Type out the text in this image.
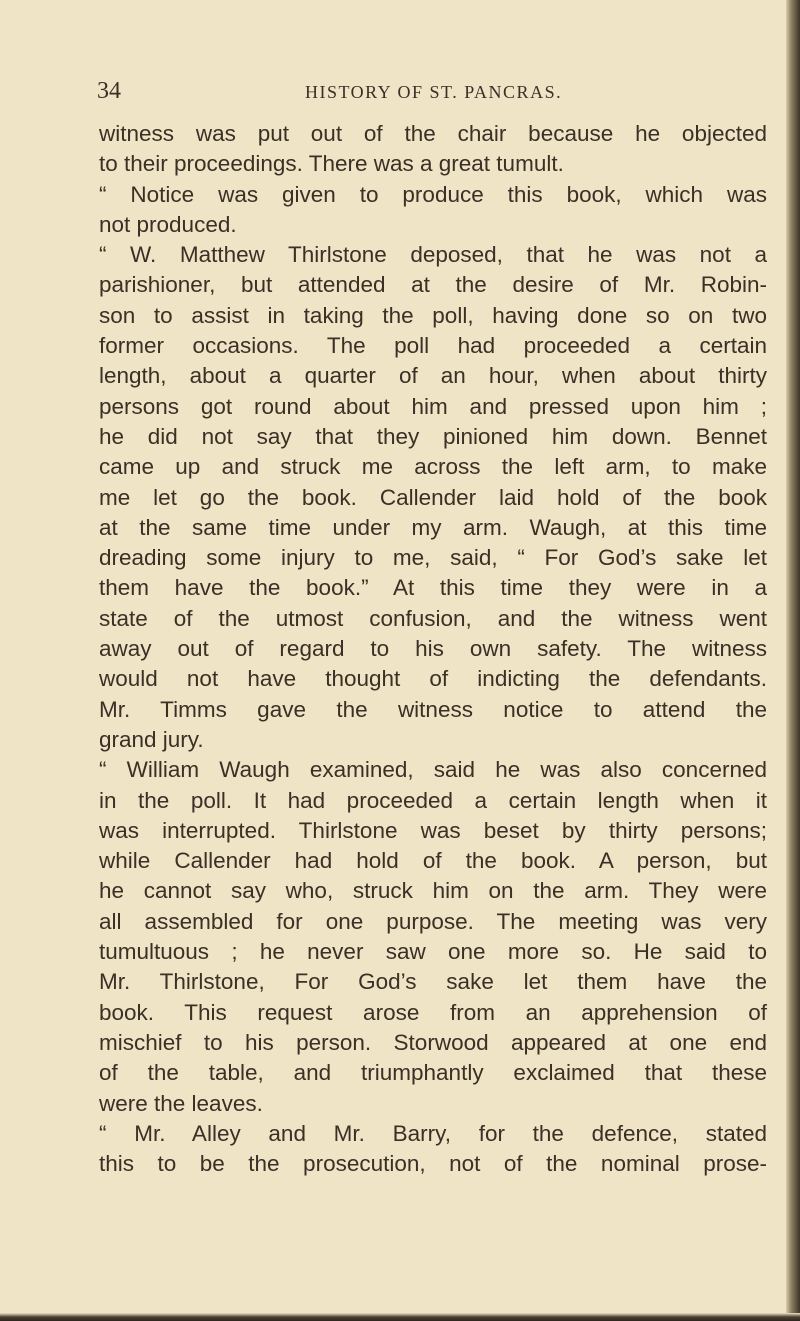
34	HISTORY OF ST. PANCRAS.
witness was put out of the chair because he objected
to their proceedings. There was a great tumult.
“ Notice was given to produce this book, which was
not produced.
“ W. Matthew Thirlstone deposed, that he was not a
parishioner, but attended at the desire of Mr. Robin-
son to assist in taking the poll, having done so on two
former occasions. The poll had proceeded a certain
length, about a quarter of an hour, when about thirty
persons got round about him and pressed upon him ;
he did not say that they pinioned him down. Bennet
came up and struck me across the left arm, to make
me let go the book. Callender laid hold of the book
at the same time under my arm. Waugh, at this time
dreading some injury to me, said, “ For God’s sake let
them have the book.” At this time they were in a
state of the utmost confusion, and the witness went
away out of regard to his own safety. The witness
would not have thought of indicting the defendants.
Mr. Timms gave the witness notice to attend the
grand jury.
“ William Waugh examined, said he was also concerned
in the poll. It had proceeded a certain length when it
was interrupted. Thirlstone was beset by thirty persons;
while Callender had hold of the book. A person, but
he cannot say who, struck him on the arm. They were
all assembled for one purpose. The meeting was very
tumultuous ; he never saw one more so. He said to
Mr. Thirlstone, For God’s sake let them have the
book. This request arose from an apprehension of
mischief to his person. Storwood appeared at one end
of the table, and triumphantly exclaimed that these
were the leaves.
“ Mr. Alley and Mr. Barry, for the defence, stated
this to be the prosecution, not of the nominal prose-
